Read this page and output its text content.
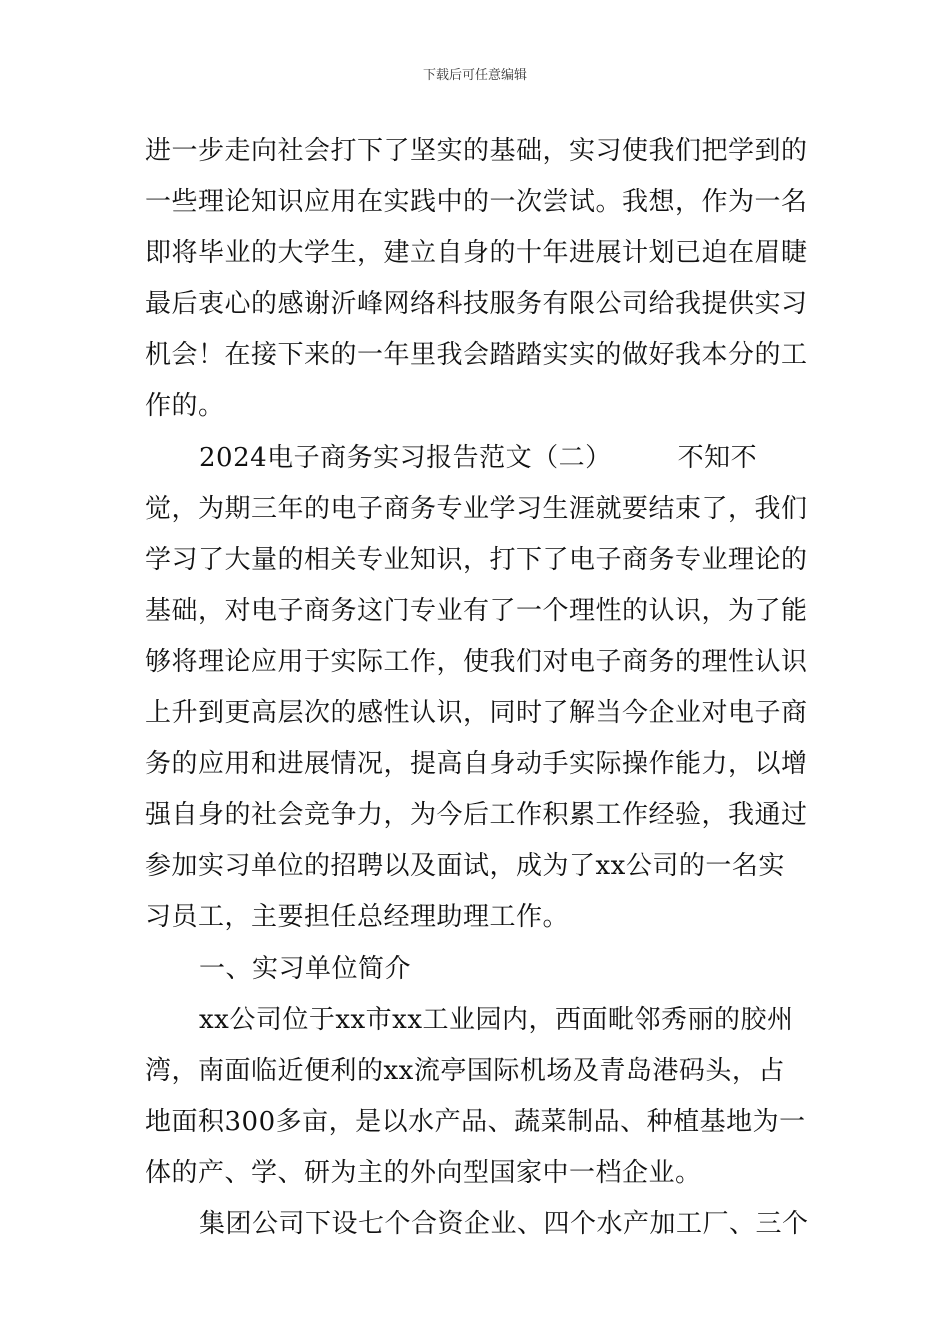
下载后可任意编辑

进一步走向社会打下了坚实的基础，实习使我们把学到的一些理论知识应用在实践中的一次尝试。我想，作为一名即将毕业的大学生，建立自身的十年进展计划已迫在眉睫最后衷心的感谢沂峰网络科技服务有限公司给我提供实习机会！在接下来的一年里我会踏踏实实的做好我本分的工作的。

2024电子商务实习报告范文（二）	不知不觉，为期三年的电子商务专业学习生涯就要结束了，我们学习了大量的相关专业知识，打下了电子商务专业理论的基础，对电子商务这门专业有了一个理性的认识，为了能够将理论应用于实际工作，使我们对电子商务的理性认识上升到更高层次的感性认识，同时了解当今企业对电子商务的应用和进展情况，提高自身动手实际操作能力，以增强自身的社会竞争力，为今后工作积累工作经验，我通过参加实习单位的招聘以及面试，成为了xx公司的一名实习员工，主要担任总经理助理工作。

一、实习单位简介

xx公司位于xx市xx工业园内，西面毗邻秀丽的胶州湾，南面临近便利的xx流亭国际机场及青岛港码头，占地面积300多亩，是以水产品、蔬菜制品、种植基地为一体的产、学、研为主的外向型国家中一档企业。

集团公司下设七个合资企业、四个水产加工厂、三个
